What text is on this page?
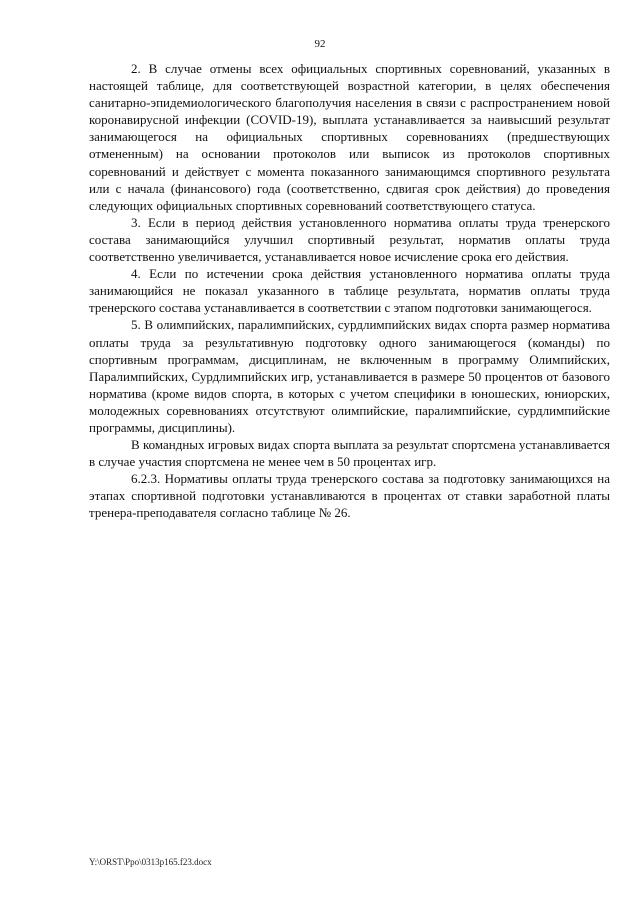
92

2. В случае отмены всех официальных спортивных соревнований, указанных в настоящей таблице, для соответствующей возрастной категории, в целях обеспечения санитарно-эпидемиологического благополучия населения в связи с распространением новой коронавирусной инфекции (COVID-19), выплата устанавливается за наивысший результат занимающегося на официальных спортивных соревнованиях (предшествующих отмененным) на основании протоколов или выписок из протоколов спортивных соревнований и действует с момента показанного занимающимся спортивного результата или с начала (финансового) года (соответственно, сдвигая срок действия) до проведения следующих официальных спортивных соревнований соответствующего статуса.

3. Если в период действия установленного норматива оплаты труда тренерского состава занимающийся улучшил спортивный результат, норматив оплаты труда соответственно увеличивается, устанавливается новое исчисление срока его действия.

4. Если по истечении срока действия установленного норматива оплаты труда занимающийся не показал указанного в таблице результата, норматив оплаты труда тренерского состава устанавливается в соответствии с этапом подготовки занимающегося.

5. В олимпийских, паралимпийских, сурдлимпийских видах спорта размер норматива оплаты труда за результативную подготовку одного занимающегося (команды) по спортивным программам, дисциплинам, не включенным в программу Олимпийских, Паралимпийских, Сурдлимпийских игр, устанавливается в размере 50 процентов от базового норматива (кроме видов спорта, в которых с учетом специфики в юношеских, юниорских, молодежных соревнованиях отсутствуют олимпийские, паралимпийские, сурдлимпийские программы, дисциплины).

В командных игровых видах спорта выплата за результат спортсмена устанавливается в случае участия спортсмена не менее чем в 50 процентах игр.

6.2.3. Нормативы оплаты труда тренерского состава за подготовку занимающихся на этапах спортивной подготовки устанавливаются в процентах от ставки заработной платы тренера-преподавателя согласно таблице № 26.

Y:\ORST\Ppo\0313p165.f23.docx
